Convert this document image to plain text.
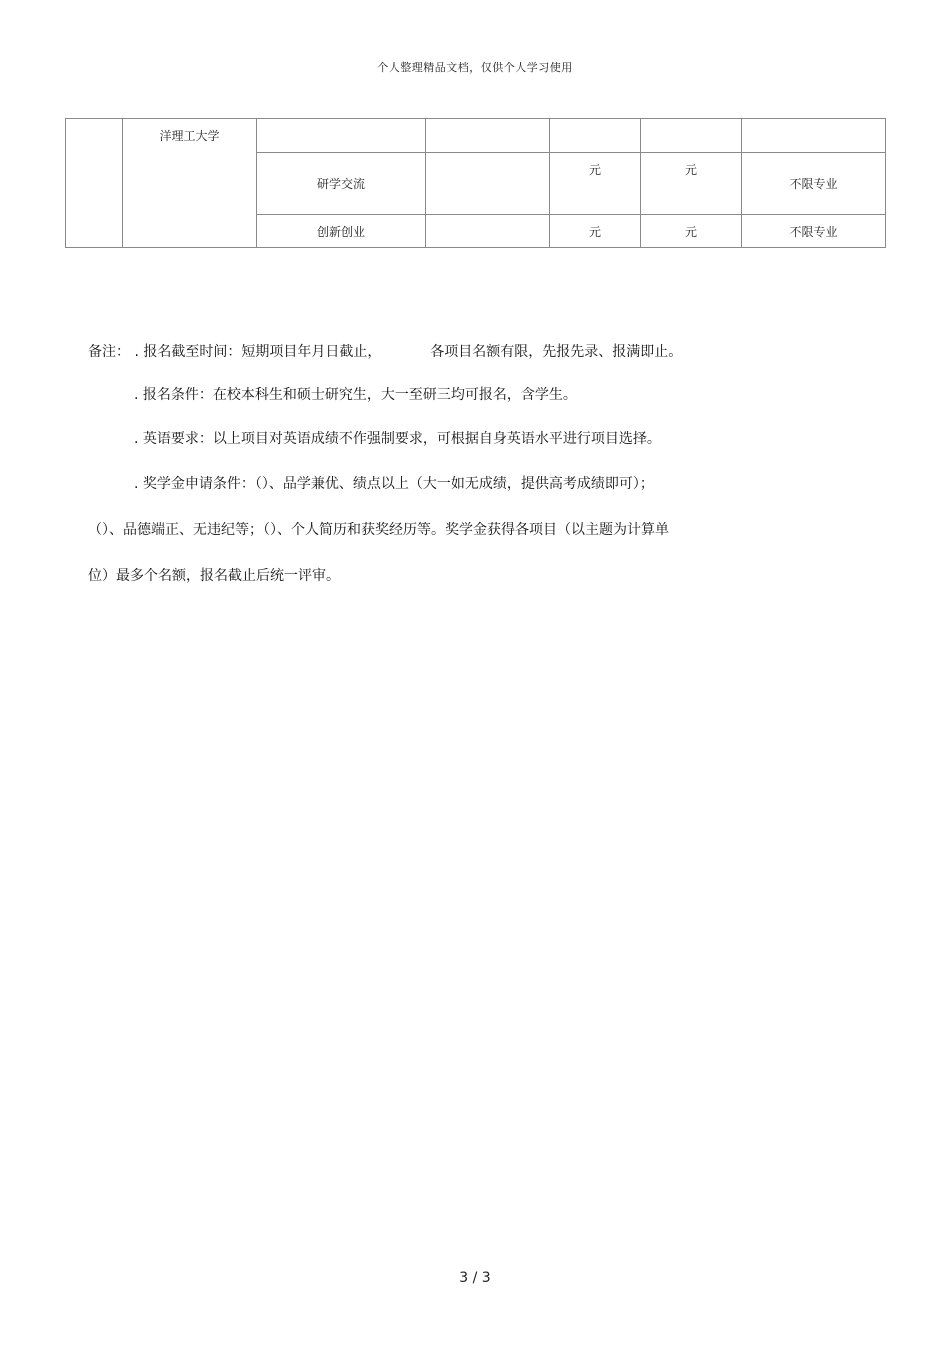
个人整理精品文档，仅供个人学习使用
	洋理工大学					
		研学交流		元	元	不限专业
		创新创业		元	元	不限专业
备注： . 报名截至时间：短期项目年月日截止，	各项目名额有限，先报先录、报满即止。
. 报名条件：在校本科生和硕士研究生，大一至研三均可报名，含学生。
. 英语要求：以上项目对英语成绩不作强制要求，可根据自身英语水平进行项目选择。
. 奖学金申请条件：（）、品学兼优、绩点以上（大一如无成绩，提供高考成绩即可）；
（）、品德端正、无违纪等；（）、个人简历和获奖经历等。奖学金获得各项目（以主题为计算单
位）最多个名额，报名截止后统一评审。
3 / 3
